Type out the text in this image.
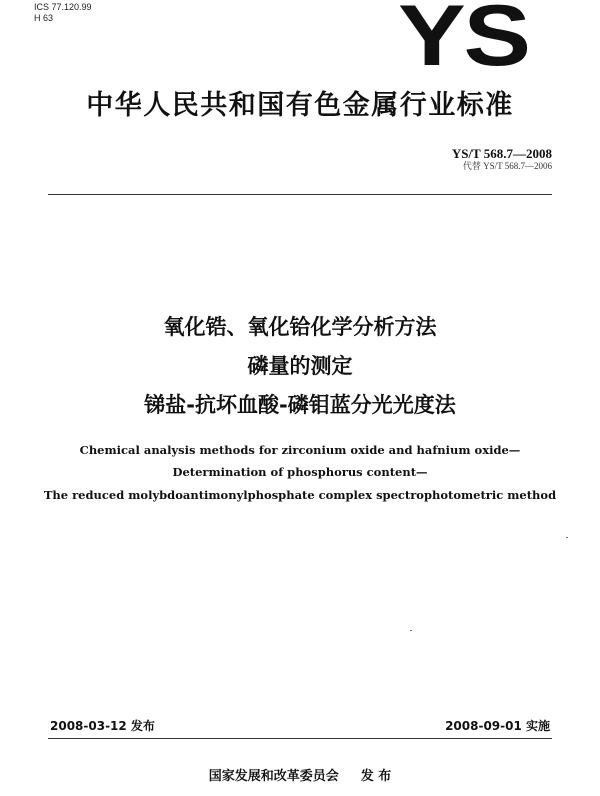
ICS 77.120.99
H 63	YS
中华人民共和国有色金属行业标准
YS/T 568.7—2008
代替 YS/T 568.7—2006
氧化锆、氧化铪化学分析方法
磷量的测定
锑盐-抗坏血酸-磷钼蓝分光光度法
Chemical analysis methods for zirconium oxide and hafnium oxide—
Determination of phosphorus content—
The reduced molybdoantimonylphosphate complex spectrophotometric method
2008-03-12 发布	2008-09-01 实施
国家发展和改革委员会 发 布
